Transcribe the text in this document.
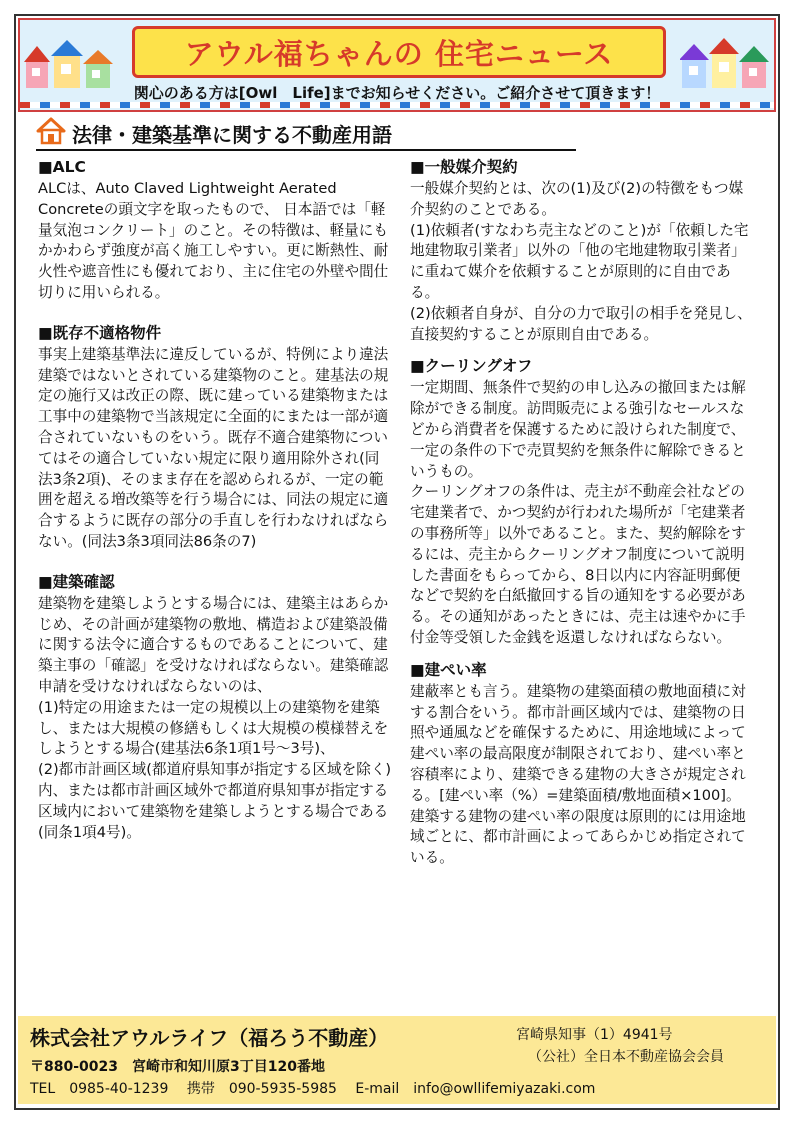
アウル福ちゃんの 住宅ニュース
関心のある方は[Owl　Life]までお知らせください。ご紹介させて頂きます！
法律・建築基準に関する不動産用語
■ALC

ALCは、Auto Claved Lightweight Aerated Concreteの頭文字を取ったもので、 日本語では「軽量気泡コンクリート」のこと。その特徴は、軽量にもかかわらず強度が高く施工しやすい。更に断熱性、耐火性や遮音性にも優れており、主に住宅の外壁や間仕切りに用いられる。

■既存不適格物件

事実上建築基準法に違反しているが、特例により違法建築ではないとされている建築物のこと。建基法の規定の施行又は改正の際、既に建っている建築物または工事中の建築物で当該規定に全面的にまたは一部が適合されていないものをいう。既存不適合建築物についてはその適合していない規定に限り適用除外され(同法3条2項)、そのまま存在を認められるが、一定の範囲を超える増改築等を行う場合には、同法の規定に適合するように既存の部分の手直しを行わなければならない。(同法3条3項同法86条の7)

■建築確認

建築物を建築しようとする場合には、建築主はあらかじめ、その計画が建築物の敷地、構造および建築設備に関する法令に適合するものであることについて、建築主事の「確認」を受けなければならない。建築確認申請を受けなければならないのは、
(1)特定の用途または一定の規模以上の建築物を建築し、または大規模の修繕もしくは大規模の模様替えをしようとする場合(建基法6条1項1号～3号)、
(2)都市計画区域(都道府県知事が指定する区域を除く)内、または都市計画区域外で都道府県知事が指定する区域内において建築物を建築しようとする場合である(同条1項4号)。

■一般媒介契約

一般媒介契約とは、次の(1)及び(2)の特徴をもつ媒介契約のことである。
(1)依頼者(すなわち売主などのこと)が「依頼した宅地建物取引業者」以外の「他の宅地建物取引業者」に重ねて媒介を依頼することが原則的に自由である。
(2)依頼者自身が、自分の力で取引の相手を発見し、直接契約することが原則自由である。

■クーリングオフ

一定期間、無条件で契約の申し込みの撤回または解除ができる制度。訪問販売による強引なセールスなどから消費者を保護するために設けられた制度で、一定の条件の下で売買契約を無条件に解除できるというもの。
クーリングオフの条件は、売主が不動産会社などの宅建業者で、かつ契約が行われた場所が「宅建業者の事務所等」以外であること。また、契約解除をするには、売主からクーリングオフ制度について説明した書面をもらってから、8日以内に内容証明郵便などで契約を白紙撤回する旨の通知をする必要がある。その通知があったときには、売主は速やかに手付金等受領した金銭を返還しなければならない。

■建ぺい率

建蔽率とも言う。建築物の建築面積の敷地面積に対する割合をいう。都市計画区域内では、建築物の日照や通風などを確保するために、用途地域によって建ぺい率の最高限度が制限されており、建ぺい率と容積率により、建築できる建物の大きさが規定される。[建ぺい率（%）=建築面積/敷地面積×100]。建築する建物の建ぺい率の限度は原則的には用途地域ごとに、都市計画によってあらかじめ指定されている。

株式会社アウルライフ（福ろう不動産）	宮崎県知事（1）4941号
（公社）全日本不動産協会会員
〒880-0023　宮崎市和知川原3丁目120番地
TEL　0985-40-1239 携帯　090-5935-5985 E-mail　info@owllifemiyazaki.com
